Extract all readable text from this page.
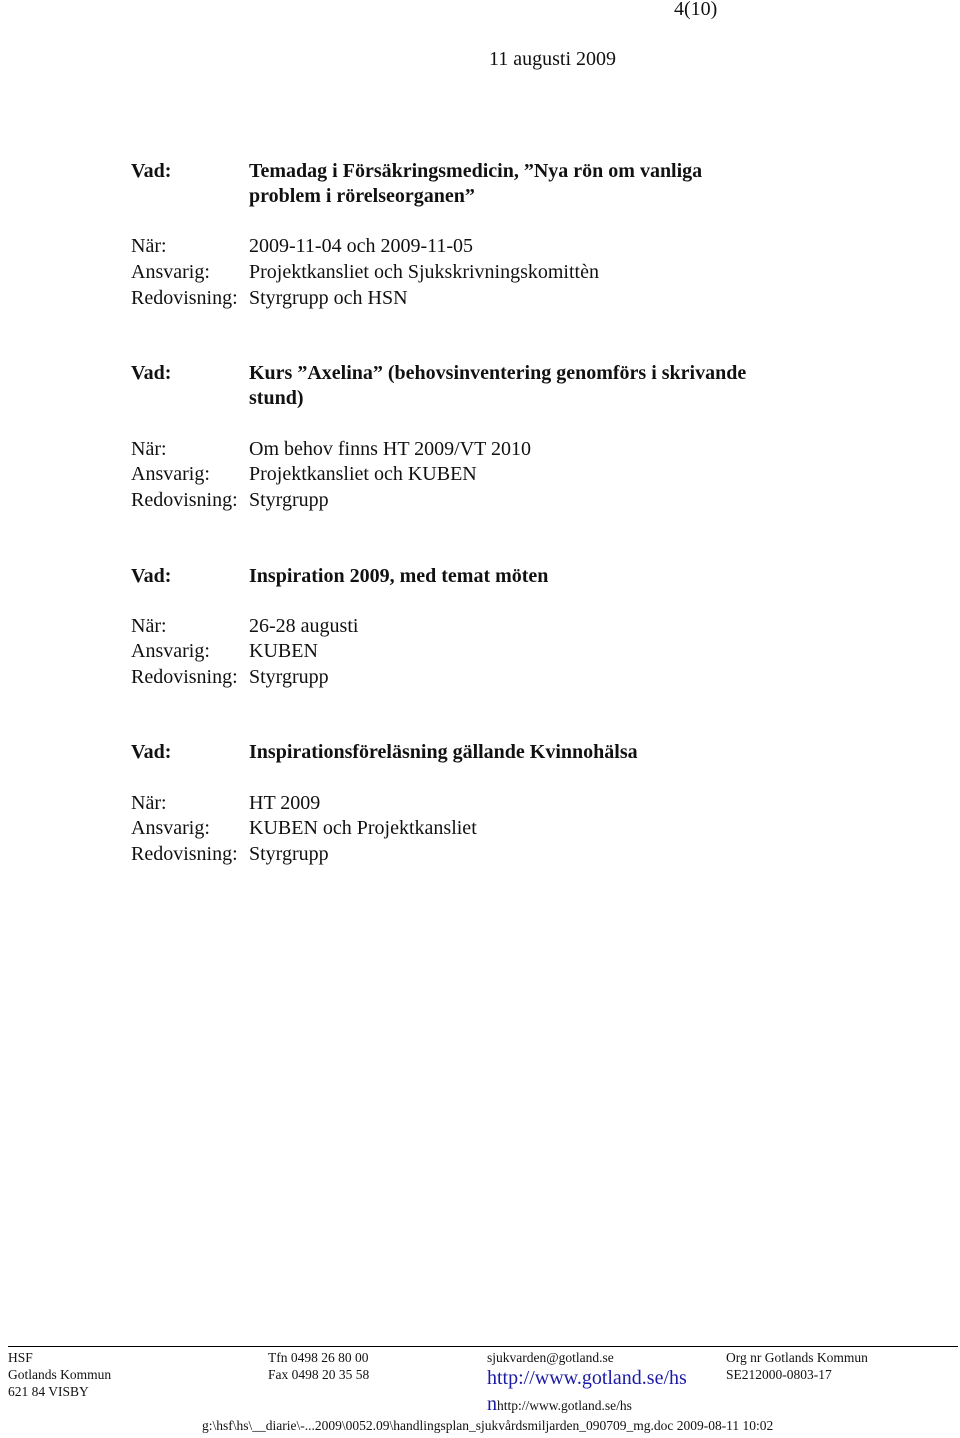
4(10)
11 augusti 2009
Vad:	Temadag i Försäkringsmedicin, ”Nya rön om vanliga
problem i rörelseorganen”
När:	2009-11-04 och 2009-11-05
Ansvarig: Projektkansliet och Sjukskrivningskomittèn
Redovisning: Styrgrupp och HSN
Vad:	Kurs ”Axelina” (behovsinventering genomförs i skrivande
stund)
När:	Om behov finns HT 2009/VT 2010
Ansvarig: Projektkansliet och KUBEN
Redovisning: Styrgrupp
Vad:	Inspiration 2009, med temat möten
När:	26-28 augusti
Ansvarig: KUBEN
Redovisning: Styrgrupp
Vad:	Inspirationsföreläsning gällande Kvinnohälsa
När:	HT 2009
Ansvarig: KUBEN och Projektkansliet
Redovisning: Styrgrupp
HSF
Gotlands Kommun
621 84 VISBY
Tfn 0498 26 80 00
Fax 0498 20 35 58
sjukvarden@gotland.se
http://www.gotland.se/hs
nhttp://www.gotland.se/hs
Org nr Gotlands Kommun
SE212000-0803-17
g:\hsf\hs\__diarie\-...2009\0052.09\handlingsplan_sjukvårdsmiljarden_090709_mg.doc 2009-08-11 10:02
